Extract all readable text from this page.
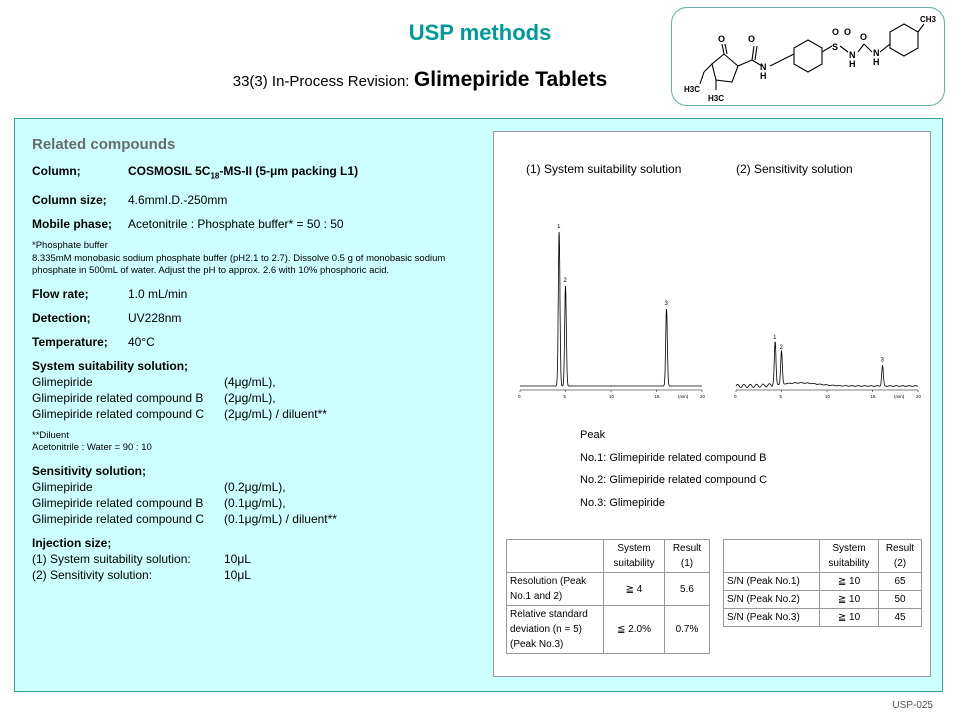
USP methods
33(3) In-Process Revision: Glimepiride Tablets
O	O
N
H
S
O O
N
H
O
N
H
CH3
H3C
H3C
Related compounds
Column;	COSMOSIL $5C_{18}-MS-II$ (5-μm packing L1)
Column size;	4.6mmI.D.-250mm
Mobile phase;	Acetonitrile : Phosphate buffer* = 50 : 50
*Phosphate buffer
8.335mM monobasic sodium phosphate buffer (pH2.1 to 2.7). Dissolve 0.5 g of monobasic sodium phosphate in 500mL of water. Adjust the pH to approx. 2.6 with 10% phosphoric acid.
Flow rate;	1.0 mL/min
Detection;	UV228nm
Temperature;	40°C
System suitability solution;
Glimepiride	(4μg/mL),
Glimepiride related compound B	(2μg/mL),
Glimepiride related compound C	(2μg/mL) / diluent**
**Diluent
Acetonitrile : Water = 90 : 10
Sensitivity solution;
Glimepiride	(0.2μg/mL),
Glimepiride related compound B	(0.1μg/mL),
Glimepiride related compound C	(0.1μg/mL) / diluent**
Injection size;
(1) System suitability solution:	10μL
(2) Sensitivity solution:	10μL
(1) System suitability solution	(2) Sensitivity solution
1
2
3
0	5	10	15	20
(min)
1
2
3
0	5	10	15	20
(min)
Peak
No.1: Glimepiride related compound B
No.2: Glimepiride related compound C
No.3: Glimepiride
	System suitability	Result (1)
Resolution (Peak No.1 and 2)	≧ 4	5.6
Relative standard deviation (n = 5)(Peak No.3)	≦ 2.0%	0.7%
	System suitability	Result (2)
S/N (Peak No.1)	≧ 10	65
S/N (Peak No.2)	≧ 10	50
S/N (Peak No.3)	≧ 10	45
USP-025
